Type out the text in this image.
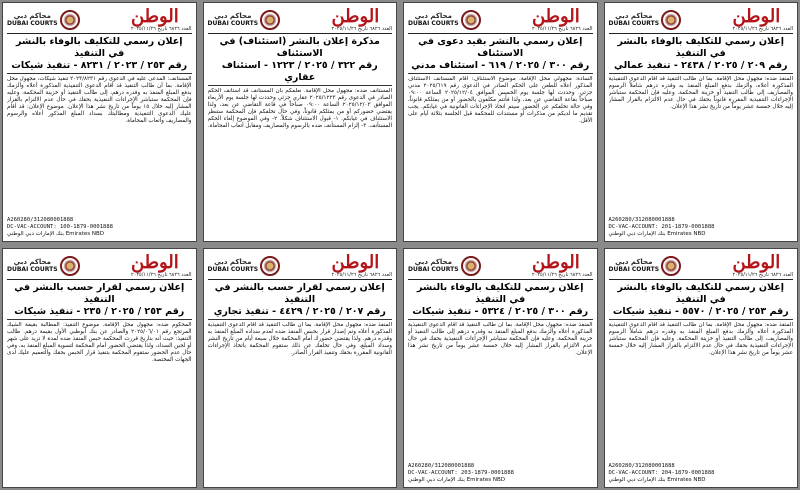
الوطن
العدد ٦٨٢٦ تاريخ ٢٠٢٥/١١/٢٦
محاكم دبي
DUBAI COURTS
إعلان رسمي للتكليف بالوفاء بالنشر في التنفيذ
رقم ٢٥٣ / ٢٠٢٣ / ٨٢٣١ - تنفيذ شيكات
المستأنف: المدعى عليه في الدعوى رقم ٢٠٢٣/٨٢٣١ تنفيذ شيكات، مجهول محل الإقامة. بما أن طالب التنفيذ قد أقام الدعوى التنفيذية المذكورة أعلاه وألزمك بدفع المبلغ المنفذ به وقدره درهم، إلى طالب التنفيذ أو خزينة المحكمة، وعليه فإن المحكمة ستباشر الإجراءات التنفيذية بحقك في حال عدم الالتزام بالقرار المشار إليه خلال ١٥ يوماً من تاريخ نشر هذا الإعلان. موضوع الإعلان: قد أقام عليك الدعوى التنفيذية ومطالبتك بسداد المبلغ المذكور أعلاه والرسوم والمصاريف وأتعاب المحاماة.
A260280/312080001888
DC-VAC-ACCOUNT: 100-1879-0001888
بنك الإمارات دبي الوطني Emirates NBD
الوطن
العدد ٦٨٢٦ تاريخ ٢٠٢٥/١١/٢٦
محاكم دبي
DUBAI COURTS
مذكرة إعلان بالنشر (استئناف) في الاستئناف
رقم ٣٢٢ / ٢٠٢٥ / ١٢٢٣ - استئناف عقاري
المستأنف ضده: مجهول محل الإقامة. نعلمكم بأن المستأنف قد استأنف الحكم الصادر في الدعوى رقم ٢٠٢٥/١٢٢٣ عقاري جزئي وحددت لها جلسة يوم الأربعاء الموافق ٢٠٢٥/١٢/٠٣ الساعة ٠٩:٠٠ صباحاً في قاعة التقاضي عن بعد، ولذا يقتضي حضوركم أو من يمثلكم قانوناً، وفي حال تخلفكم فإن المحكمة ستنظر الاستئناف في غيابكم. ١- قبول الاستئناف شكلاً. ٢- وفي الموضوع إلغاء الحكم المستأنف. ٣- إلزام المستأنف ضده بالرسوم والمصاريف ومقابل أتعاب المحاماة.
الوطن
العدد ٦٨٢٦ تاريخ ٢٠٢٥/١١/٢٦
محاكم دبي
DUBAI COURTS
إعلان رسمي بالنشر بقيد دعوى في الاستئناف
رقم ٣٠٠ / ٢٠٢٥ / ٦١٩ - استئناف مدني
السادة: مجهولي محل الإقامة. موضوع الاستئناف: أقام المستأنف الاستئناف المذكور أعلاه للطعن على الحكم الصادر في الدعوى رقم ٢٠٢٥/٦١٩ مدني جزئي. وحددت لها جلسة يوم الخميس الموافق ٢٠٢٥/١٢/٠٤ الساعة ٠٩:٠٠ صباحاً بقاعة التقاضي عن بعد، ولذا فأنتم مكلفون بالحضور أو من يمثلكم قانوناً، وفي حالة تخلفكم عن الحضور سيتم اتخاذ الإجراءات القانونية في غيابكم. يجب تقديم ما لديكم من مذكرات أو مستندات للمحكمة قبل الجلسة بثلاثة أيام على الأقل.
الوطن
العدد ٦٨٢٦ تاريخ ٢٠٢٥/١١/٢٦
محاكم دبي
DUBAI COURTS
إعلان رسمي للتكليف بالوفاء بالنشر في التنفيذ
رقم ٢٠٩ / ٢٠٢٥ / ٢٤٣٨ - تنفيذ عمالي
المنفذ ضده: مجهول محل الإقامة. بما أن طالب التنفيذ قد أقام الدعوى التنفيذية المذكورة أعلاه، وألزمك بدفع المبلغ المنفذ به وقدره درهم شاملاً الرسوم والمصاريف إلى طالب التنفيذ أو خزينة المحكمة. وعليه فإن المحكمة ستباشر الإجراءات التنفيذية المقررة قانوناً بحقك في حال عدم الالتزام بالقرار المشار إليه خلال خمسة عشر يوماً من تاريخ نشر هذا الإعلان.
A260280/312080001888
DC-VAC-ACCOUNT: 201-1879-0001888
بنك الإمارات دبي الوطني Emirates NBD
الوطن
العدد ٦٨٢٦ تاريخ ٢٠٢٥/١١/٢٦
محاكم دبي
DUBAI COURTS
إعلان رسمي لقرار حسب بالنشر في التنفيذ
رقم ٢٥٣ / ٢٠٢٥ / ٢٣٥ - تنفيذ شيكات
المحكوم ضده: مجهول محل الإقامة. موضوع التنفيذ: المطالبة بقيمة الشيك المرتجع رقم ٢٠٢٥/٠٦/٠١ والصادر عن بنك أبوظبي الأول بقيمة درهم. طالب التنفيذ: حيث أنه بتاريخ قررت المحكمة حبس المنفذ ضده لمدة لا تزيد على شهر أو لحين السداد، ولذا يقتضي الحضور أمام المحكمة لتسوية المبلغ المنفذ به، وفي حال عدم الحضور ستقوم المحكمة بتنفيذ قرار الحبس بحقك والتعميم عليك لدى الجهات المختصة.
الوطن
العدد ٦٨٢٦ تاريخ ٢٠٢٥/١١/٢٦
محاكم دبي
DUBAI COURTS
إعلان رسمي لقرار حسب بالنشر في التنفيذ
رقم ٢٠٧ / ٢٠٢٥ / ٤٤٢٩ - تنفيذ تجاري
المنفذ ضده: مجهول محل الإقامة. بما أن طالب التنفيذ قد أقام الدعوى التنفيذية المذكورة أعلاه وتم إصدار قرار بحبس المنفذ ضده لعدم سداده المبلغ المنفذ به وقدره درهم. ولذا يقتضي حضورك أمام المحكمة خلال سبعة أيام من تاريخ النشر وسداد المبلغ، وفي حال تخلفك عن ذلك ستقوم المحكمة باتخاذ الإجراءات القانونية المقررة بحقك وتنفيذ القرار الصادر.
الوطن
العدد ٦٨٢٦ تاريخ ٢٠٢٥/١١/٢٦
محاكم دبي
DUBAI COURTS
إعلان رسمي للتكليف بالوفاء بالنشر في التنفيذ
رقم ٣٠٠ / ٢٠٢٥ / ٥٣٢٤ - تنفيذ شيكات
المنفذ ضده: مجهول محل الإقامة. بما أن طالب التنفيذ قد أقام الدعوى التنفيذية المذكورة أعلاه وألزمك بدفع المبلغ المنفذ به وقدره درهم إلى طالب التنفيذ أو خزينة المحكمة. وعليه فإن المحكمة ستباشر الإجراءات التنفيذية بحقك في حال عدم الالتزام بالقرار المشار إليه خلال خمسة عشر يوماً من تاريخ نشر هذا الإعلان.
A260280/312080001888
DC-VAC-ACCOUNT: 203-1879-0001888
بنك الإمارات دبي الوطني Emirates NBD
الوطن
العدد ٦٨٢٦ تاريخ ٢٠٢٥/١١/٢٦
محاكم دبي
DUBAI COURTS
إعلان رسمي للتكليف بالوفاء بالنشر في التنفيذ
رقم ٢٥٣ / ٢٠٢٥ / ٥٥٧٠ - تنفيذ شيكات
المنفذ ضده: مجهول محل الإقامة. بما أن طالب التنفيذ قد أقام الدعوى التنفيذية المذكورة أعلاه وألزمك بدفع المبلغ المنفذ به وقدره درهم شاملاً الرسوم والمصاريف، إلى طالب التنفيذ أو خزينة المحكمة. وعليه فإن المحكمة ستباشر الإجراءات التنفيذية بحقك في حال عدم الالتزام بالقرار المشار إليه خلال خمسة عشر يوماً من تاريخ نشر هذا الإعلان.
A260280/312080001888
DC-VAC-ACCOUNT: 204-1879-0001888
بنك الإمارات دبي الوطني Emirates NBD
